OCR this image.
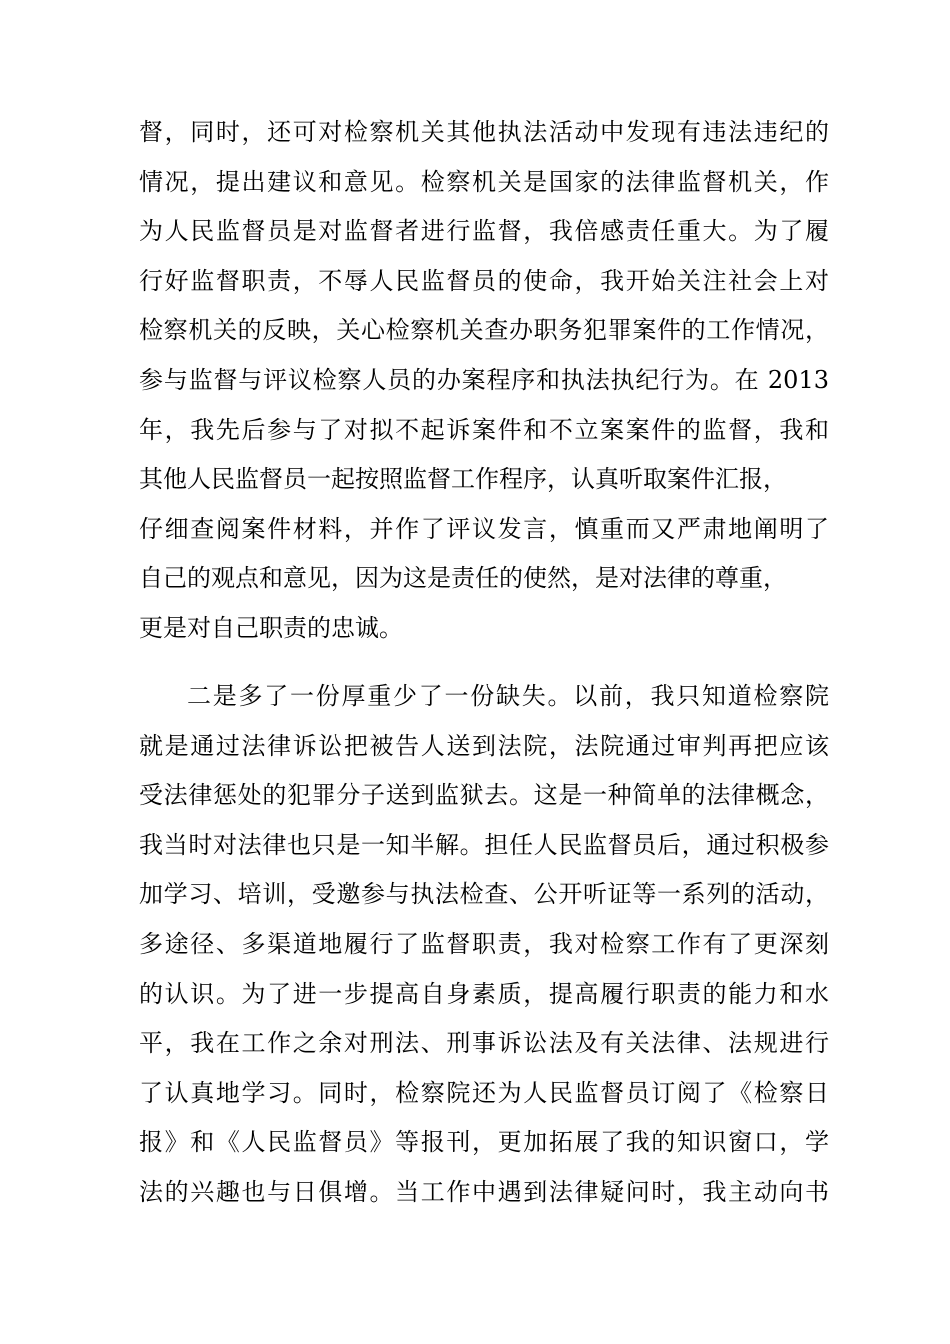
督，同时，还可对检察机关其他执法活动中发现有违法违纪的
情况，提出建议和意见。检察机关是国家的法律监督机关，作
为人民监督员是对监督者进行监督，我倍感责任重大。为了履
行好监督职责，不辱人民监督员的使命，我开始关注社会上对
检察机关的反映，关心检察机关查办职务犯罪案件的工作情况，
参与监督与评议检察人员的办案程序和执法执纪行为。在 2013
年，我先后参与了对拟不起诉案件和不立案案件的监督，我和
其他人民监督员一起按照监督工作程序，认真听取案件汇报，
仔细查阅案件材料，并作了评议发言，慎重而又严肃地阐明了
自己的观点和意见，因为这是责任的使然，是对法律的尊重，
更是对自己职责的忠诚。
二是多了一份厚重少了一份缺失。以前，我只知道检察院
就是通过法律诉讼把被告人送到法院，法院通过审判再把应该
受法律惩处的犯罪分子送到监狱去。这是一种简单的法律概念，
我当时对法律也只是一知半解。担任人民监督员后，通过积极参
加学习、培训，受邀参与执法检查、公开听证等一系列的活动，
多途径、多渠道地履行了监督职责，我对检察工作有了更深刻
的认识。为了进一步提高自身素质，提高履行职责的能力和水
平，我在工作之余对刑法、刑事诉讼法及有关法律、法规进行
了认真地学习。同时，检察院还为人民监督员订阅了《检察日
报》和《人民监督员》等报刊，更加拓展了我的知识窗口，学
法的兴趣也与日俱增。当工作中遇到法律疑问时，我主动向书
